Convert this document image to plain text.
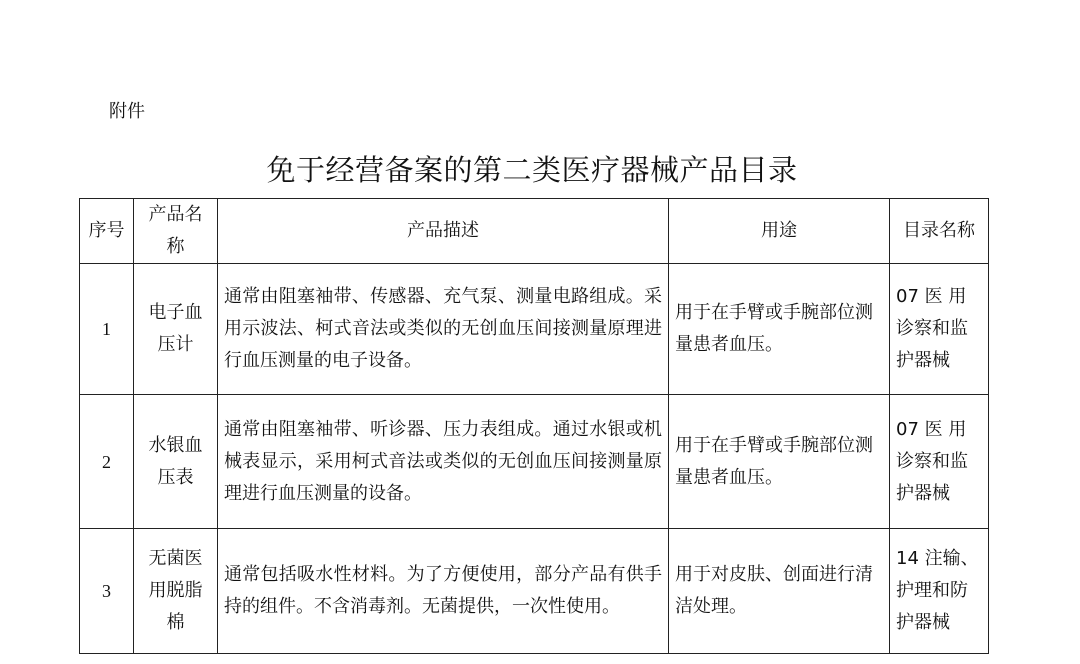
附件
免于经营备案的第二类医疗器械产品目录
序号	产品名称	产品描述	用途	目录名称
1	电子血压计	通常由阻塞袖带、传感器、充气泵、测量电路组成。采用示波法、柯式音法或类似的无创血压间接测量原理进行血压测量的电子设备。	用于在手臂或手腕部位测量患者血压。	07 医 用诊察和监护器械
2	水银血压表	通常由阻塞袖带、听诊器、压力表组成。通过水银或机械表显示，采用柯式音法或类似的无创血压间接测量原理进行血压测量的设备。	用于在手臂或手腕部位测量患者血压。	07 医 用诊察和监护器械
3	无菌医用脱脂棉	通常包括吸水性材料。为了方便使用，部分产品有供手持的组件。不含消毒剂。无菌提供，一次性使用。	用于对皮肤、创面进行清洁处理。	14 注输、护理和防护器械
